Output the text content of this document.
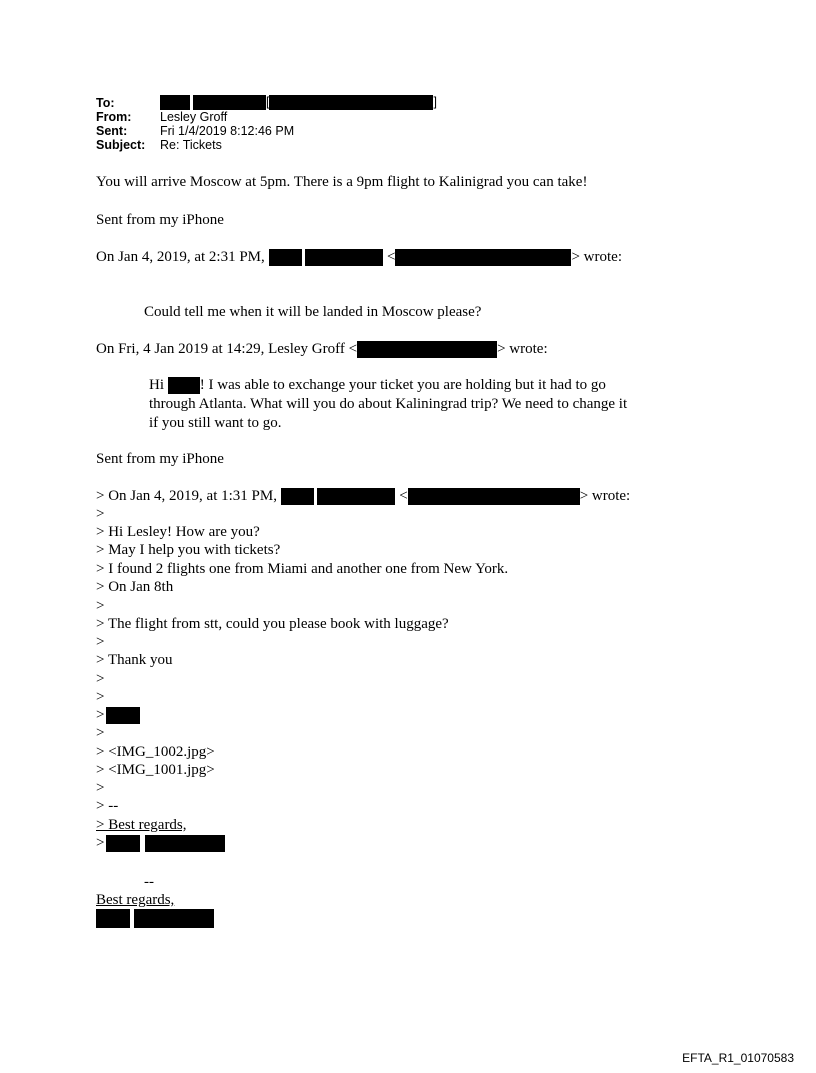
To:	[	]
From: Lesley Groff
Sent:	Fri 1/4/2019 8:12:46 PM
Subject: Re: Tickets
You will arrive Moscow at 5pm. There is a 9pm flight to Kalinigrad you can take!
Sent from my iPhone
On Jan 4, 2019, at 2:31 PM,	<	> wrote:
Could tell me when it will be landed in Moscow please?
On Fri, 4 Jan 2019 at 14:29, Lesley Groff <	> wrote:
Hi ! I was able to exchange your ticket you are holding but it had to go
through Atlanta. What will you do about Kaliningrad trip? We need to change it
if you still want to go.
Sent from my iPhone
> On Jan 4, 2019, at 1:31 PM,	<	> wrote:
>
> Hi Lesley! How are you?
> May I help you with tickets?
> I found 2 flights one from Miami and another one from New York.
> On Jan 8th
>
> The flight from stt, could you please book with luggage?
>
> Thank you
>
>
>
>
> <IMG_1002.jpg>
> <IMG_1001.jpg>
>
> --
> Best regards,
>
--
Best regards,
EFTA_R1_01070583
